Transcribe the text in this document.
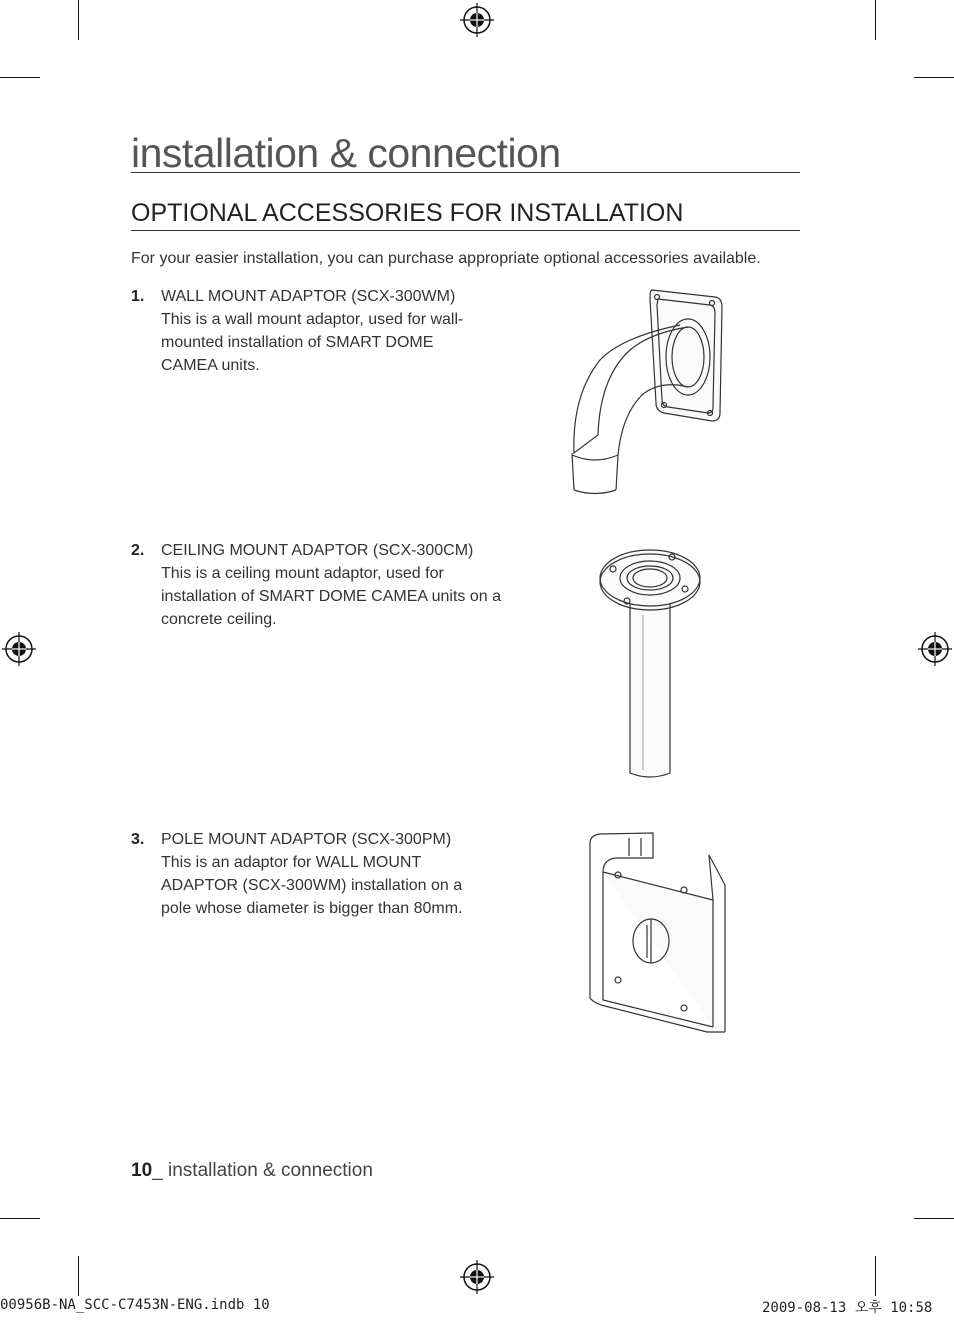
installation & connection
OPTIONAL ACCESSORIES FOR INSTALLATION
For your easier installation, you can purchase appropriate optional accessories available.
1. WALL MOUNT ADAPTOR (SCX-300WM)
This is a wall mount adaptor, used for wall-mounted installation of SMART DOME CAMEA units.
2. CEILING MOUNT ADAPTOR (SCX-300CM)
This is a ceiling mount adaptor, used for installation of SMART DOME CAMEA units on a concrete ceiling.
3. POLE MOUNT ADAPTOR (SCX-300PM)
This is an adaptor for WALL MOUNT ADAPTOR (SCX-300WM) installation on a pole whose diameter is bigger than 80mm.
10_ installation & connection
00956B-NA_SCC-C7453N-ENG.indb 10	2009-08-13 오후 10:58
